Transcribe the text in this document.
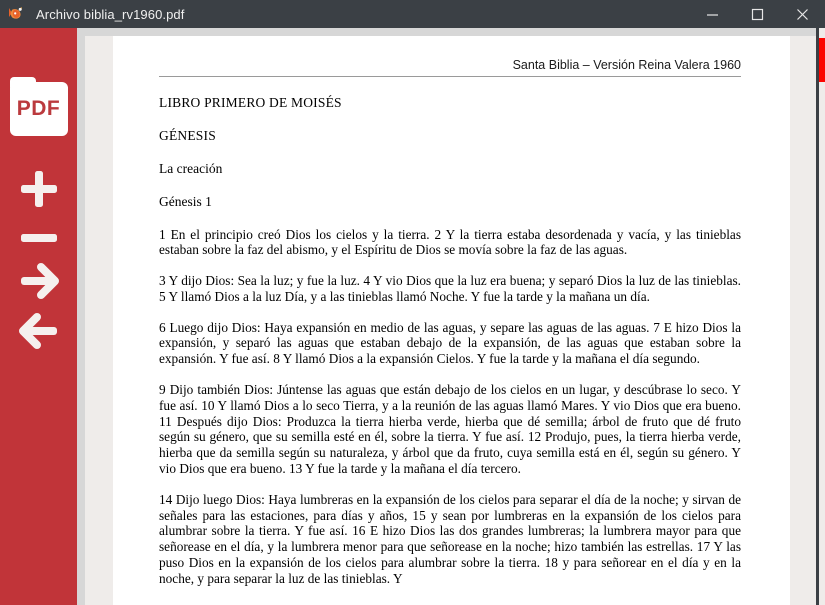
Archivo biblia_rv1960.pdf
PDF
Santa Biblia – Versión Reina Valera 1960
LIBRO PRIMERO DE MOISÉS
GÉNESIS
La creación
Génesis 1
1 En el principio creó Dios los cielos y la tierra. 2 Y la tierra estaba desordenada y vacía, y las tinieblas estaban sobre la faz del abismo, y el Espíritu de Dios se movía sobre la faz de las aguas.
3 Y dijo Dios: Sea la luz; y fue la luz. 4 Y vio Dios que la luz era buena; y separó Dios la luz de las tinieblas. 5 Y llamó Dios a la luz Día, y a las tinieblas llamó Noche. Y fue la tarde y la mañana un día.
6 Luego dijo Dios: Haya expansión en medio de las aguas, y separe las aguas de las aguas. 7 E hizo Dios la expansión, y separó las aguas que estaban debajo de la expansión, de las aguas que estaban sobre la expansión. Y fue así. 8 Y llamó Dios a la expansión Cielos. Y fue la tarde y la mañana el día segundo.
9 Dijo también Dios: Júntense las aguas que están debajo de los cielos en un lugar, y descúbrase lo seco. Y fue así. 10 Y llamó Dios a lo seco Tierra, y a la reunión de las aguas llamó Mares. Y vio Dios que era bueno. 11 Después dijo Dios: Produzca la tierra hierba verde, hierba que dé semilla; árbol de fruto que dé fruto según su género, que su semilla esté en él, sobre la tierra. Y fue así. 12 Produjo, pues, la tierra hierba verde, hierba que da semilla según su naturaleza, y árbol que da fruto, cuya semilla está en él, según su género. Y vio Dios que era bueno. 13 Y fue la tarde y la mañana el día tercero.
14 Dijo luego Dios: Haya lumbreras en la expansión de los cielos para separar el día de la noche; y sirvan de señales para las estaciones, para días y años, 15 y sean por lumbreras en la expansión de los cielos para alumbrar sobre la tierra. Y fue así. 16 E hizo Dios las dos grandes lumbreras; la lumbrera mayor para que señorease en el día, y la lumbrera menor para que señorease en la noche; hizo también las estrellas. 17 Y las puso Dios en la expansión de los cielos para alumbrar sobre la tierra. 18 y para señorear en el día y en la noche, y para separar la luz de las tinieblas. Y
